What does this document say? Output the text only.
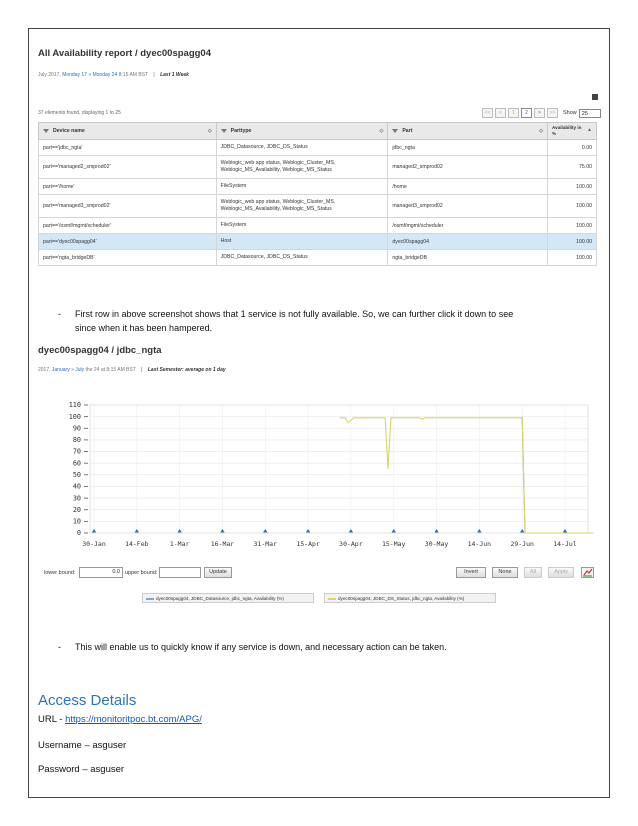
All Availability report / dyec00spagg04
July 2017, Monday 17 » Monday 24 8:15 AM BST | Last 1 Week
37 elements found, displaying 1 to 25	<<	<	1	2	>	>>	Show 25
Device name ◇	Parttype ◇	Part ◇	Availability in %
▲

part=='jdbc_ngta'	JDBC_Datasource, JDBC_DS_Status	jdbc_ngta	0.00
part=='managed2_smprod02'	Weblogic_web app status, Weblogic_Cluster_MS, Weblogic_MS_Availability, Weblogic_MS_Status	managed2_smprod02	75.00
part=='/home'	FileSystem	/home	100.00
part=='managed3_smprod02'	Weblogic_web app status, Weblogic_Cluster_MS, Weblogic_MS_Availability, Weblogic_MS_Status	managed3_smprod02	100.00
part=='/osmf/mgmt/scheduler'	FileSystem	/osmf/mgmt/scheduler	100.00
part=='dyec00spagg04'	Host	dyec00spagg04	100.00
part=='ngta_bridgeDB'	JDBC_Datasource, JDBC_DS_Status	ngta_bridgeDB	100.00
- First row in above screenshot shows that 1 service is not fully available. So, we can further click it down to see
since when it has been hampered.
dyec00spagg04 / jdbc_ngta
2017, January » July the 24 at 8:15 AM BST | Last Semester: average on 1 day
0
10
20
30
40
50
60
70
80
90
100
110
30-Jan	14-Feb	1-Mar	16-Mar	31-Mar	15-Apr	30-Apr	15-May	30-May	14-Jun	29-Jun	14-Jul
lower bound:	0.0 upper bound:	Update	Invert	None	All	Apply
dyec00spagg04, JDBC_Datasource, jdbc_ngta, Availability (%)	dyec00spagg04, JDBC_DS_Status, jdbc_ngta, Availability (%)
- This will enable us to quickly know if any service is down, and necessary action can be taken.
Access Details
URL - https://monitoritpoc.bt.com/APG/
Username – asguser
Password – asguser
